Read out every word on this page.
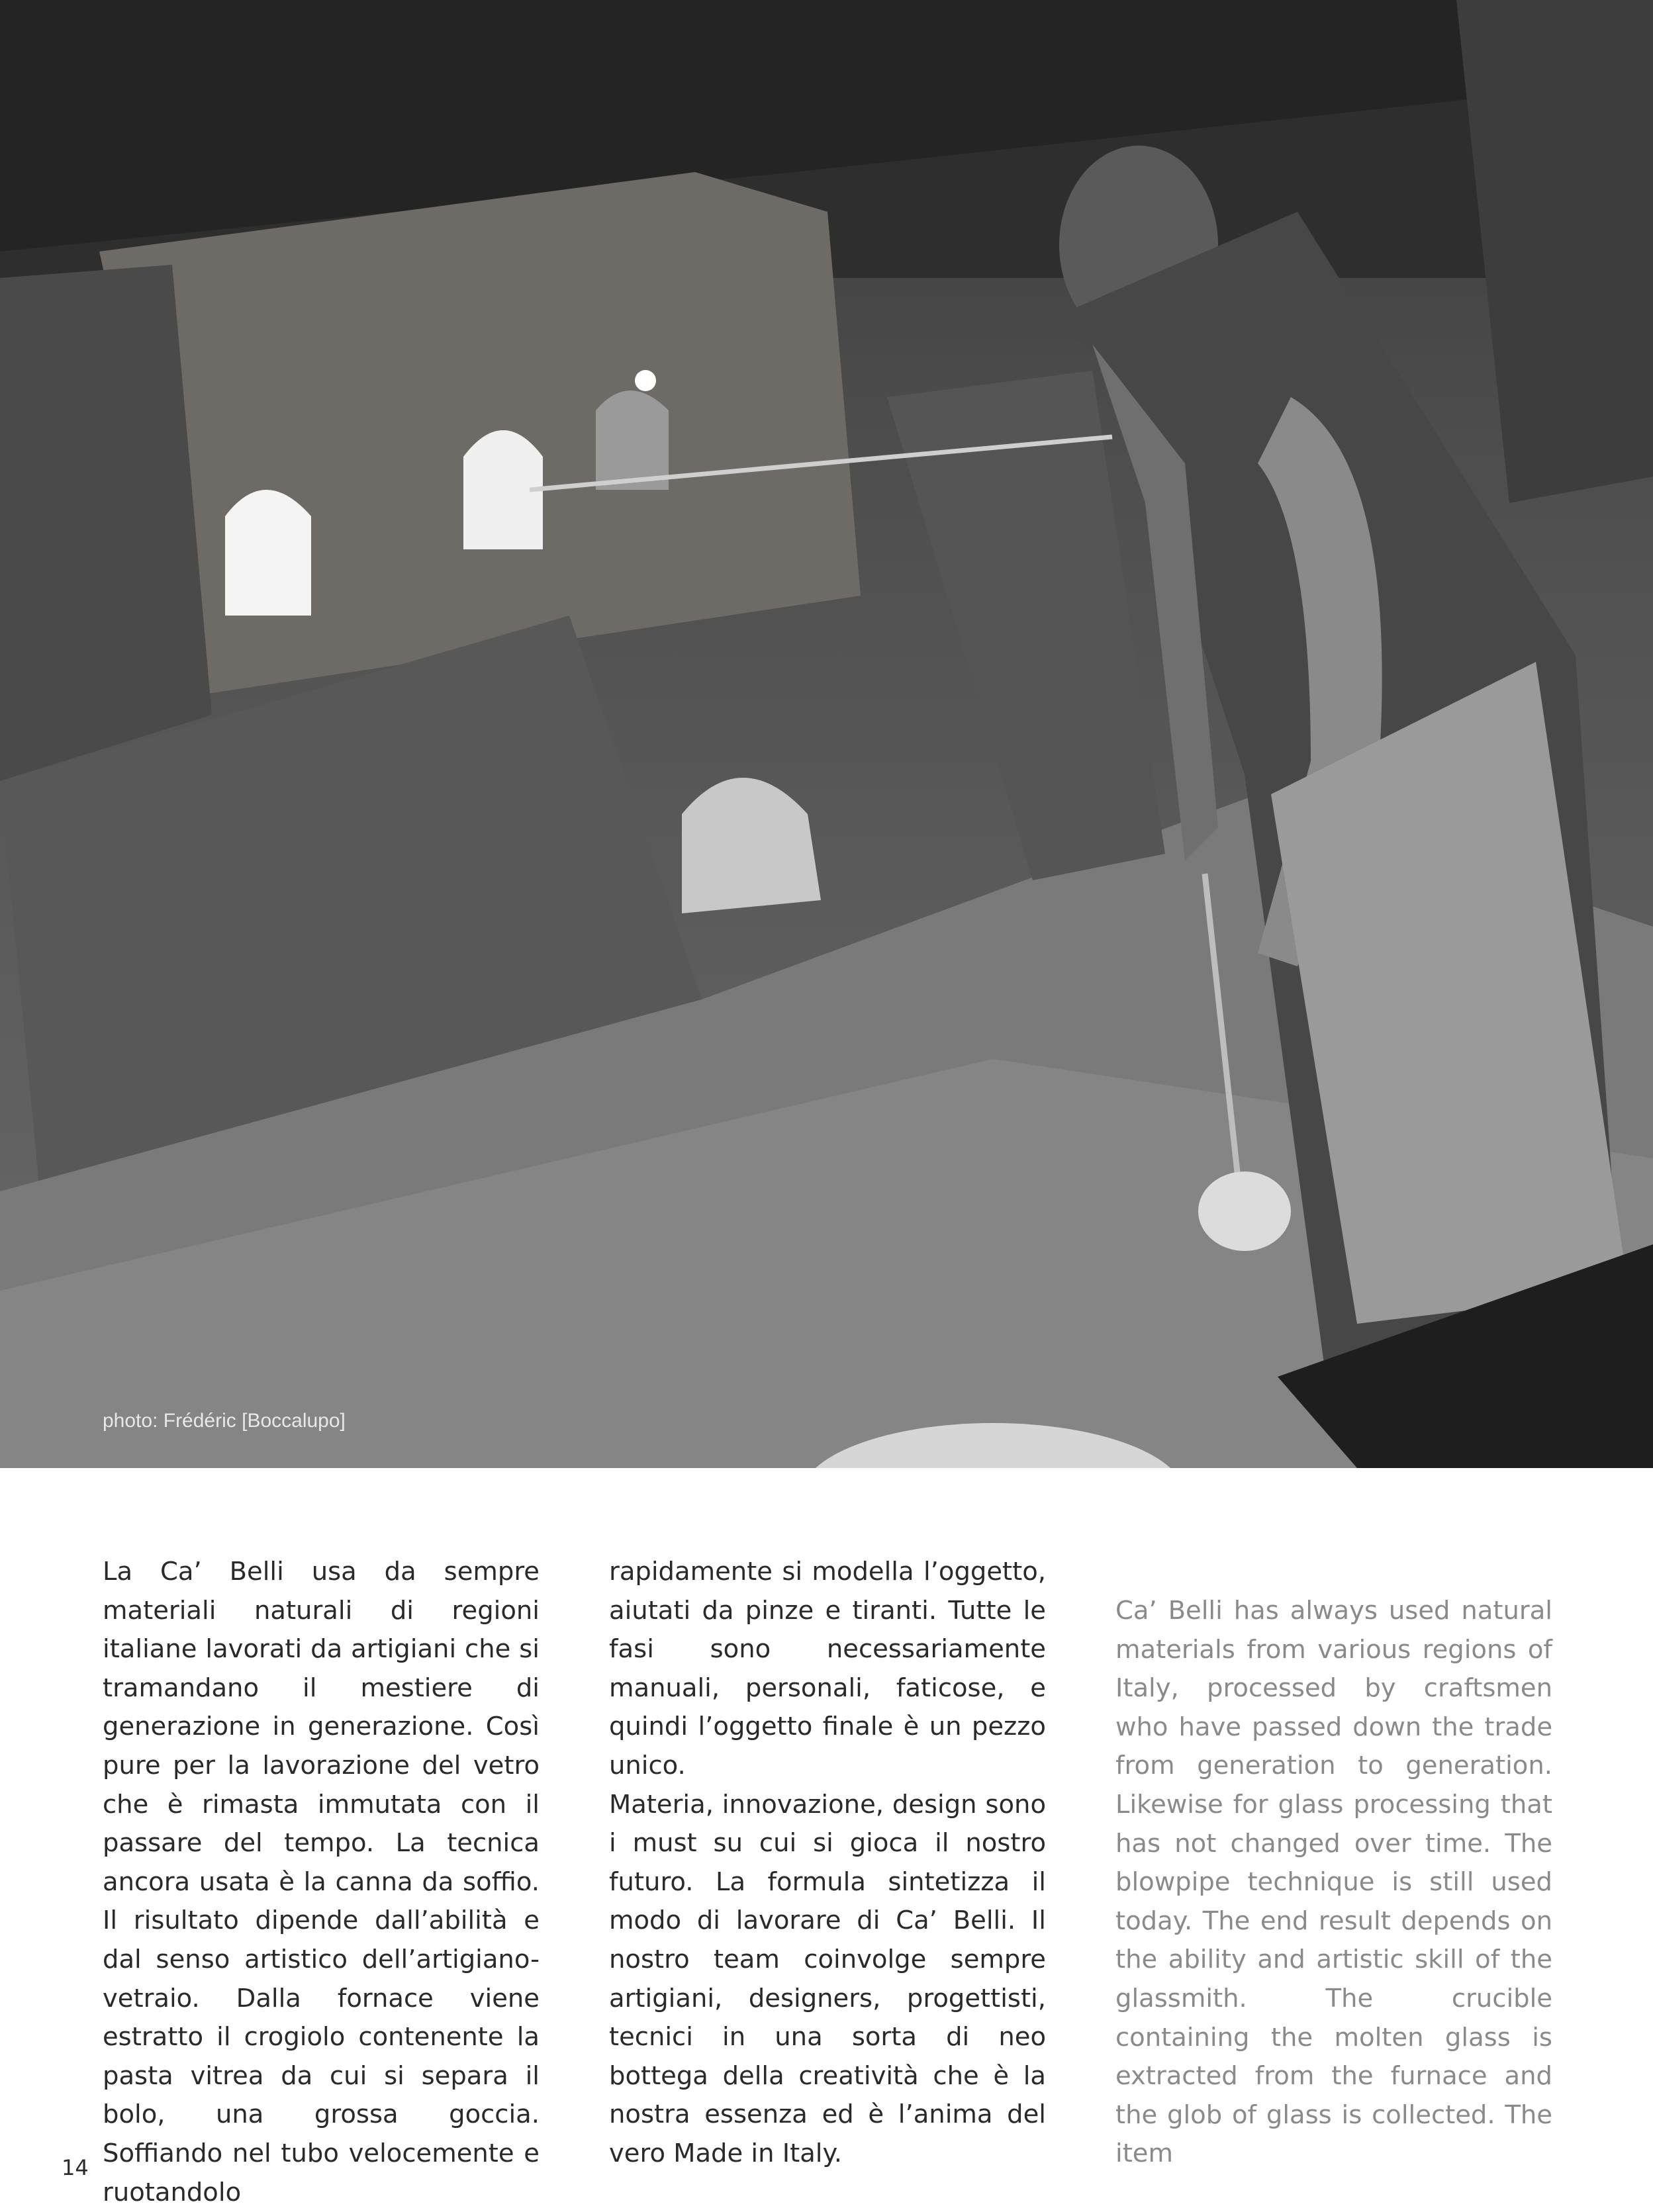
photo: Frédéric [Boccalupo]

La Ca’ Belli usa da sempre materiali naturali di regioni italiane lavorati da artigiani che si tramandano il mestiere di generazione in generazione. Così pure per la lavorazione del vetro che è rimasta immutata con il passare del tempo. La tecnica ancora usata è la canna da soffio. Il risultato dipende dall’abilità e dal senso artistico dell’artigiano-vetraio. Dalla fornace viene estratto il crogiolo contenente la pasta vitrea da cui si separa il bolo, una grossa goccia. Soffiando nel tubo velocemente e ruotandolo

rapidamente si modella l’oggetto, aiutati da pinze e tiranti. Tutte le fasi sono necessariamente manuali, personali, faticose, e quindi l’oggetto finale è un pezzo unico.

Materia, innovazione, design sono i must su cui si gioca il nostro futuro. La formula sintetizza il modo di lavorare di Ca’ Belli. Il nostro team coinvolge sempre artigiani, designers, progettisti, tecnici in una sorta di neo bottega della creatività che è la nostra essenza ed è l’anima del vero Made in Italy.

Ca’ Belli has always used natural materials from various regions of Italy, processed by craftsmen who have passed down the trade from generation to generation. Likewise for glass processing that has not changed over time. The blowpipe technique is still used today. The end result depends on the ability and artistic skill of the glassmith. The crucible containing the molten glass is extracted from the furnace and the glob of glass is collected. The item

14
